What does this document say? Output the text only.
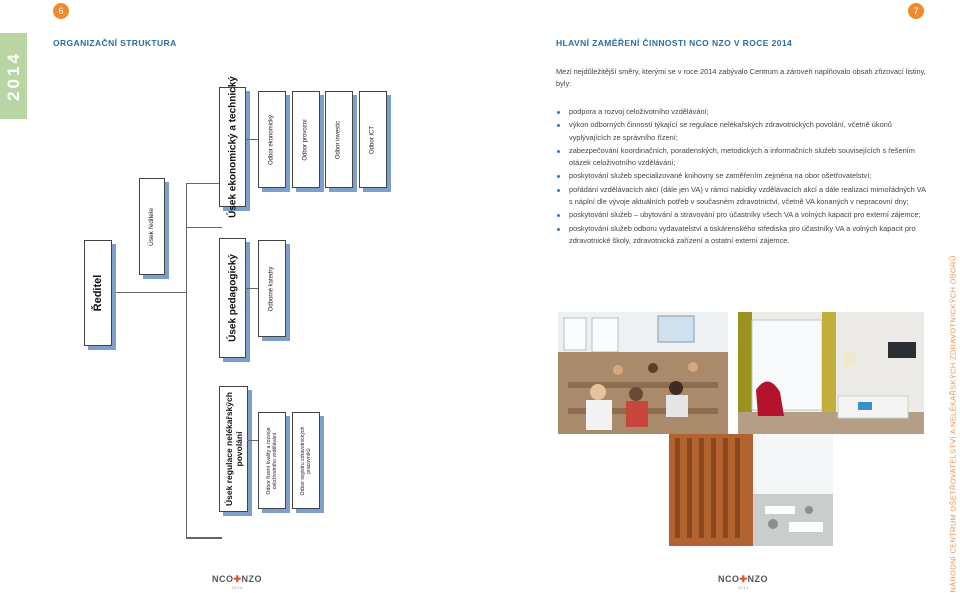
6	7
2014
ORGANIZAČNÍ STRUKTURA	HLAVNÍ ZAMĚŘENÍ ČINNOSTI NCO NZO V ROCE 2014
Ředitel
Úsek ředitele
Úsek ekonomický a technický	Odbor ekonomický	Odbor provozní	Odbor investic	Odbor ICT
Úsek pedagogický	Odborné katedry
Úsek regulace nelékařských povolání	Odbor řízení kvality a rozvoje celoživotního vzdělávání	Odbor registru zdravotnických pracovníků
Mezi nejdůležitější směry, kterými se v roce 2014 zabývalo Centrum a zároveň naplňovalo obsah zřizovací listiny, byly:
podpora a rozvoj celoživotního vzdělávání;
výkon odborných činností týkající se regulace nelékařských zdravotnických povolání, včetně úkonů vyplývajících ze správního řízení;
zabezpečování koordinačních, poradenských, metodických a informačních služeb souvisejících s řešením otázek celoživotního vzdělávání;
poskytování služeb specializované knihovny se zaměřením zejména na obor ošetřovatelství;
pořádání vzdělávacích akcí (dále jen VA) v rámci nabídky vzdělávacích akcí a dále realizaci mimořádných VA s náplní dle vývoje aktuálních potřeb v současném zdravotnictví, včetně VA konaných v nepracovní dny;
poskytování služeb – ubytování a stravování pro účastníky všech VA a volných kapacit pro externí zájemce;
poskytování služeb odboru vydavatelství a tiskárenského střediska pro účastníky VA a volných kapacit pro zdravotnické školy, zdravotnická zařízení a ostatní externí zájemce.
NCO✚NZO
2014
NCO✚NZO
2014	NÁRODNÍ CENTRUM OŠETŘOVATELSTVÍ A NELÉKAŘSKÝCH ZDRAVOTNICKÝCH OBORŮ
